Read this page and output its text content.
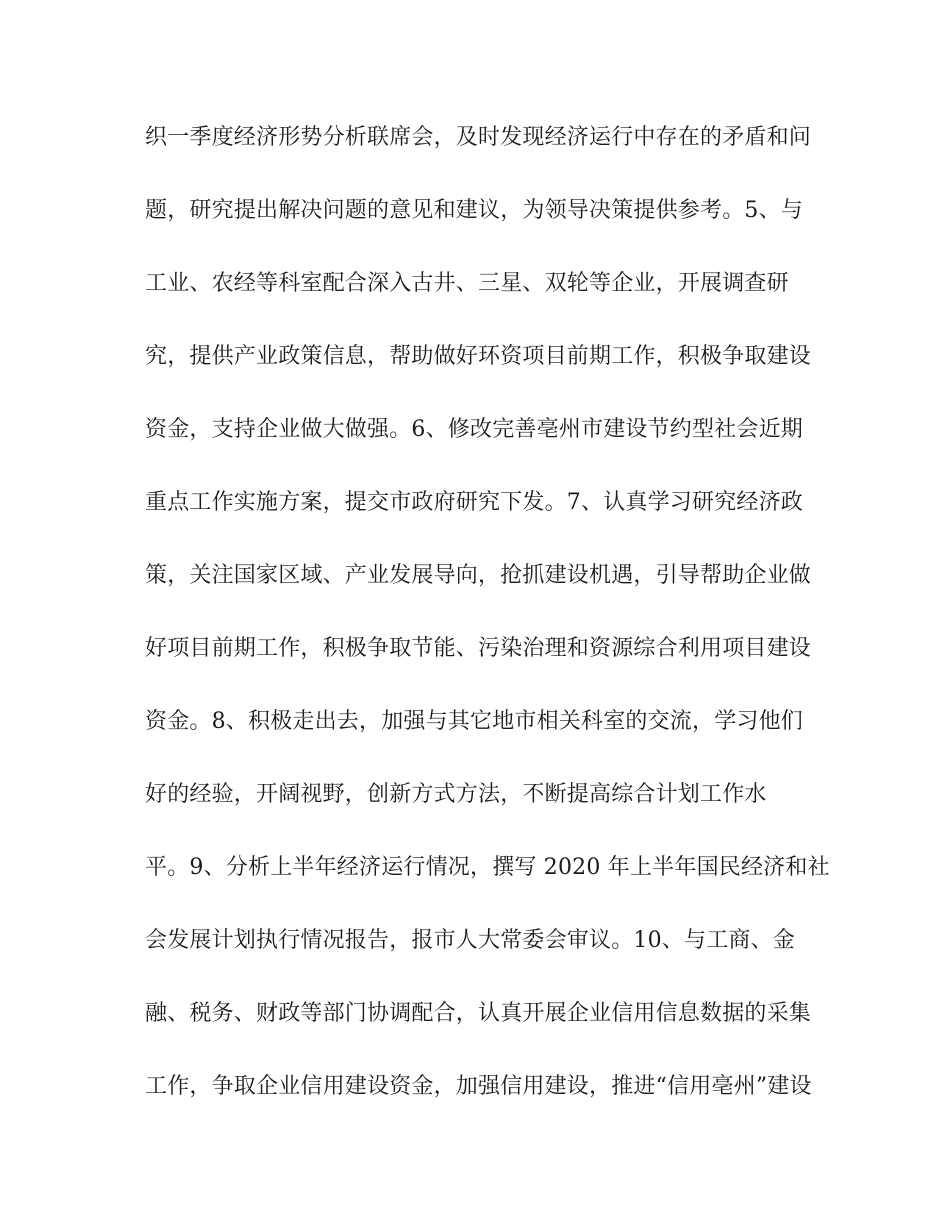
织一季度经济形势分析联席会，及时发现经济运行中存在的矛盾和问
题，研究提出解决问题的意见和建议，为领导决策提供参考。5、与
工业、农经等科室配合深入古井、三星、双轮等企业，开展调查研
究，提供产业政策信息，帮助做好环资项目前期工作，积极争取建设
资金，支持企业做大做强。6、修改完善亳州市建设节约型社会近期
重点工作实施方案，提交市政府研究下发。7、认真学习研究经济政
策，关注国家区域、产业发展导向，抢抓建设机遇，引导帮助企业做
好项目前期工作，积极争取节能、污染治理和资源综合利用项目建设
资金。8、积极走出去，加强与其它地市相关科室的交流，学习他们
好的经验，开阔视野，创新方式方法，不断提高综合计划工作水
平。9、分析上半年经济运行情况，撰写 2020 年上半年国民经济和社
会发展计划执行情况报告，报市人大常委会审议。10、与工商、金
融、税务、财政等部门协调配合，认真开展企业信用信息数据的采集
工作，争取企业信用建设资金，加强信用建设，推进“信用亳州”建设
